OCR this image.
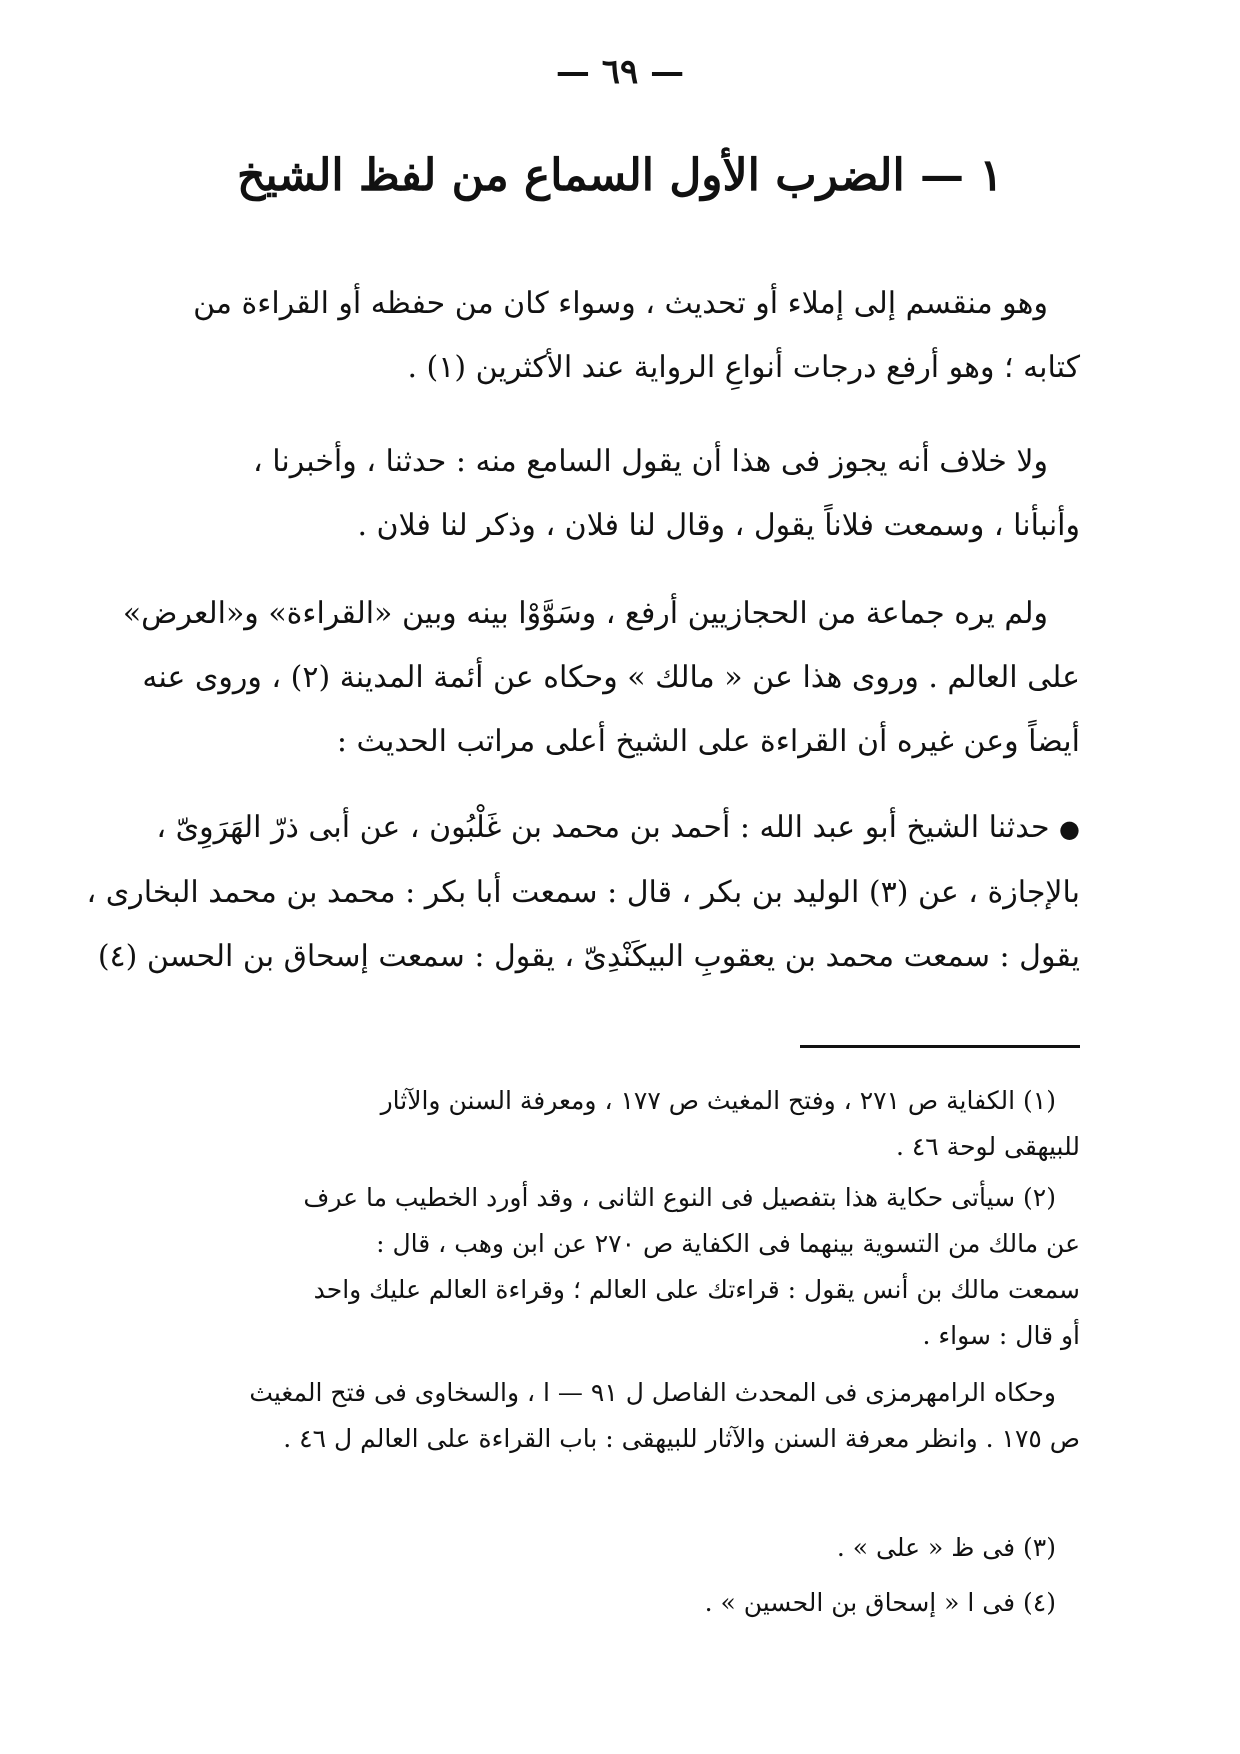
— ٦٩ —
١ — الضرب الأول السماع من لفظ الشيخ
وهو منقسم إلى إملاء أو تحديث ، وسواء كان من حفظه أو القراءة من
كتابه ؛ وهو أرفع درجات أنواعِ الرواية عند الأكثرين (١) .
ولا خلاف أنه يجوز فى هذا أن يقول السامع منه : حدثنا ، وأخبرنا ،
وأنبأنا ، وسمعت فلاناً يقول ، وقال لنا فلان ، وذكر لنا فلان .
ولم يره جماعة من الحجازيين أرفع ، وسَوَّوْا بينه وبين «القراءة» و«العرض»
على العالم . وروى هذا عن « مالك » وحكاه عن أئمة المدينة (٢) ، وروى عنه
أيضاً وعن غيره أن القراءة على الشيخ أعلى مراتب الحديث :
● حدثنا الشيخ أبو عبد الله : أحمد بن محمد بن غَلْبُون ، عن أبى ذرّ الهَرَوِىّ ،
بالإجازة ، عن (٣) الوليد بن بكر ، قال : سمعت أبا بكر : محمد بن محمد البخارى ،
يقول : سمعت محمد بن يعقوبِ البيكَنْدِىّ ، يقول : سمعت إسحاق بن الحسن (٤)
(١) الكفاية ص ٢٧١ ، وفتح المغيث ص ١٧٧ ، ومعرفة السنن والآثار
للبيهقى لوحة ٤٦ .
(٢) سيأتى حكاية هذا بتفصيل فى النوع الثانى ، وقد أورد الخطيب ما عرف
عن مالك من التسوية بينهما فى الكفاية ص ٢٧٠ عن ابن وهب ، قال :
سمعت مالك بن أنس يقول : قراءتك على العالم ؛ وقراءة العالم عليك واحد
أو قال : سواء .
وحكاه الرامهرمزى فى المحدث الفاصل ل ٩١ — ا ، والسخاوى فى فتح المغيث
ص ١٧٥ . وانظر معرفة السنن والآثار للبيهقى : باب القراءة على العالم ل ٤٦ .
(٣) فى ظ « على » .
(٤) فى ا « إسحاق بن الحسين » .
